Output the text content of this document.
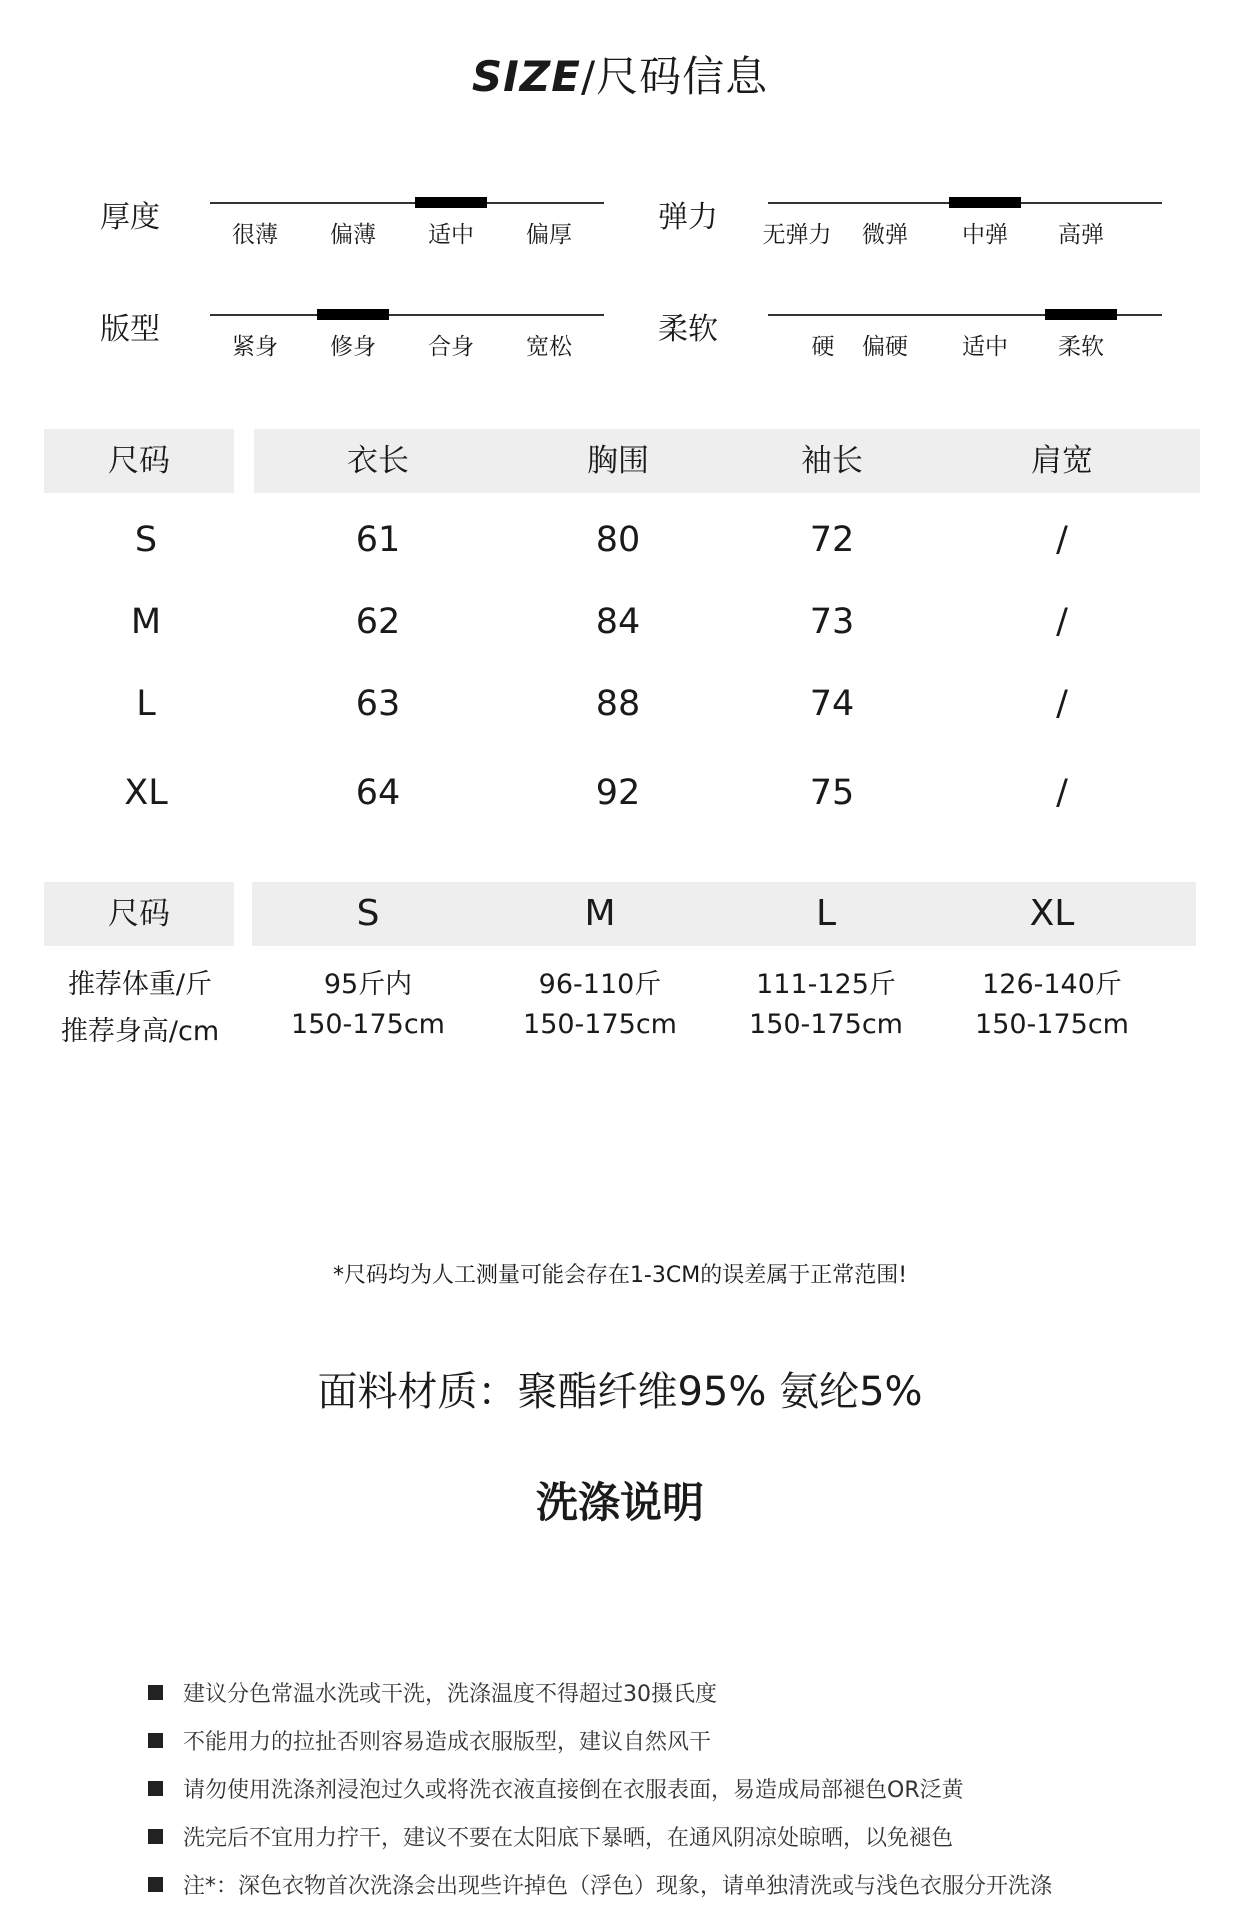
SIZE/尺码信息
厚度	很薄	偏薄	适中	偏厚	弹力	无弹力	微弹	中弹	高弹
版型	紧身	修身	合身	宽松	柔软	硬	偏硬	适中	柔软
尺码	衣长	胸围	袖长	肩宽
S	61	80	72	/
M	62	84	73	/
L	63	88	74	/
XL	64	92	75	/
尺码	S	M	L	XL
推荐体重/斤	95斤内	96-110斤	111-125斤	126-140斤
推荐身高/cm	150-175cm	150-175cm	150-175cm	150-175cm
*尺码均为人工测量可能会存在1-3CM的误差属于正常范围!
面料材质：聚酯纤维95% 氨纶5%
洗涤说明
建议分色常温水洗或干洗，洗涤温度不得超过30摄氏度
不能用力的拉扯否则容易造成衣服版型，建议自然风干
请勿使用洗涤剂浸泡过久或将洗衣液直接倒在衣服表面，易造成局部褪色OR泛黄
洗完后不宜用力拧干，建议不要在太阳底下暴晒，在通风阴凉处晾晒，以免褪色
注*：深色衣物首次洗涤会出现些许掉色（浮色）现象，请单独清洗或与浅色衣服分开洗涤
